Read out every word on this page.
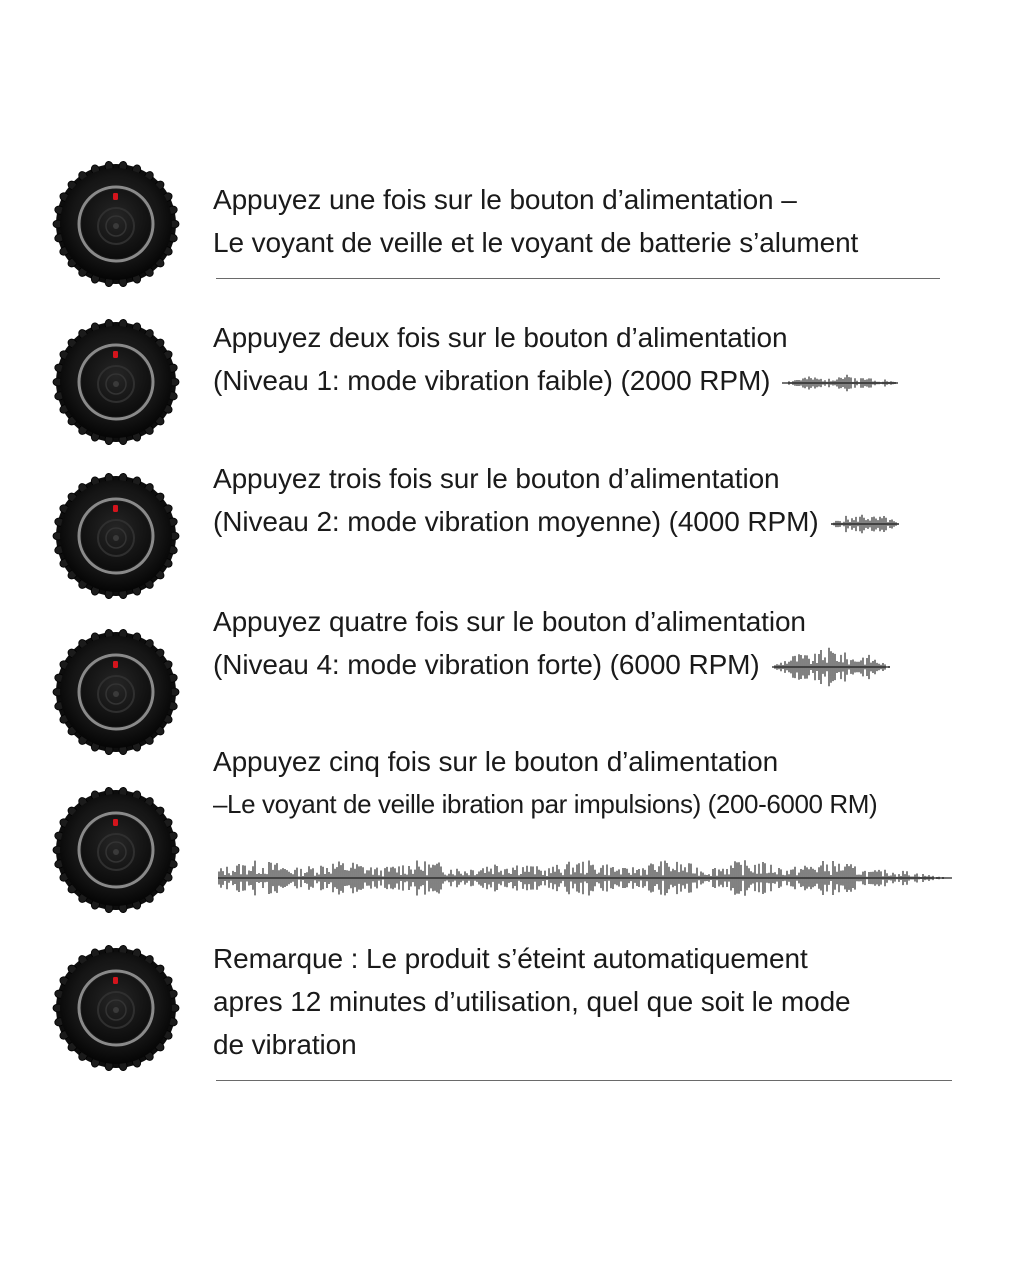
Appuyez une fois sur le bouton d’alimentation –
Le voyant de veille et le voyant de batterie s’alument
Appuyez deux fois sur le bouton d’alimentation
(Niveau 1: mode vibration faible) (2000 RPM)
Appuyez trois fois sur le bouton d’alimentation
(Niveau 2: mode vibration moyenne) (4000 RPM)
Appuyez quatre fois sur le bouton d’alimentation
(Niveau 4: mode vibration forte) (6000 RPM)
Appuyez cinq fois sur le bouton d’alimentation
–Le voyant de veille ibration par impulsions) (200-6000 RM)
Remarque : Le produit s’éteint automatiquement
apres 12 minutes d’utilisation, quel que soit le mode
de vibration
